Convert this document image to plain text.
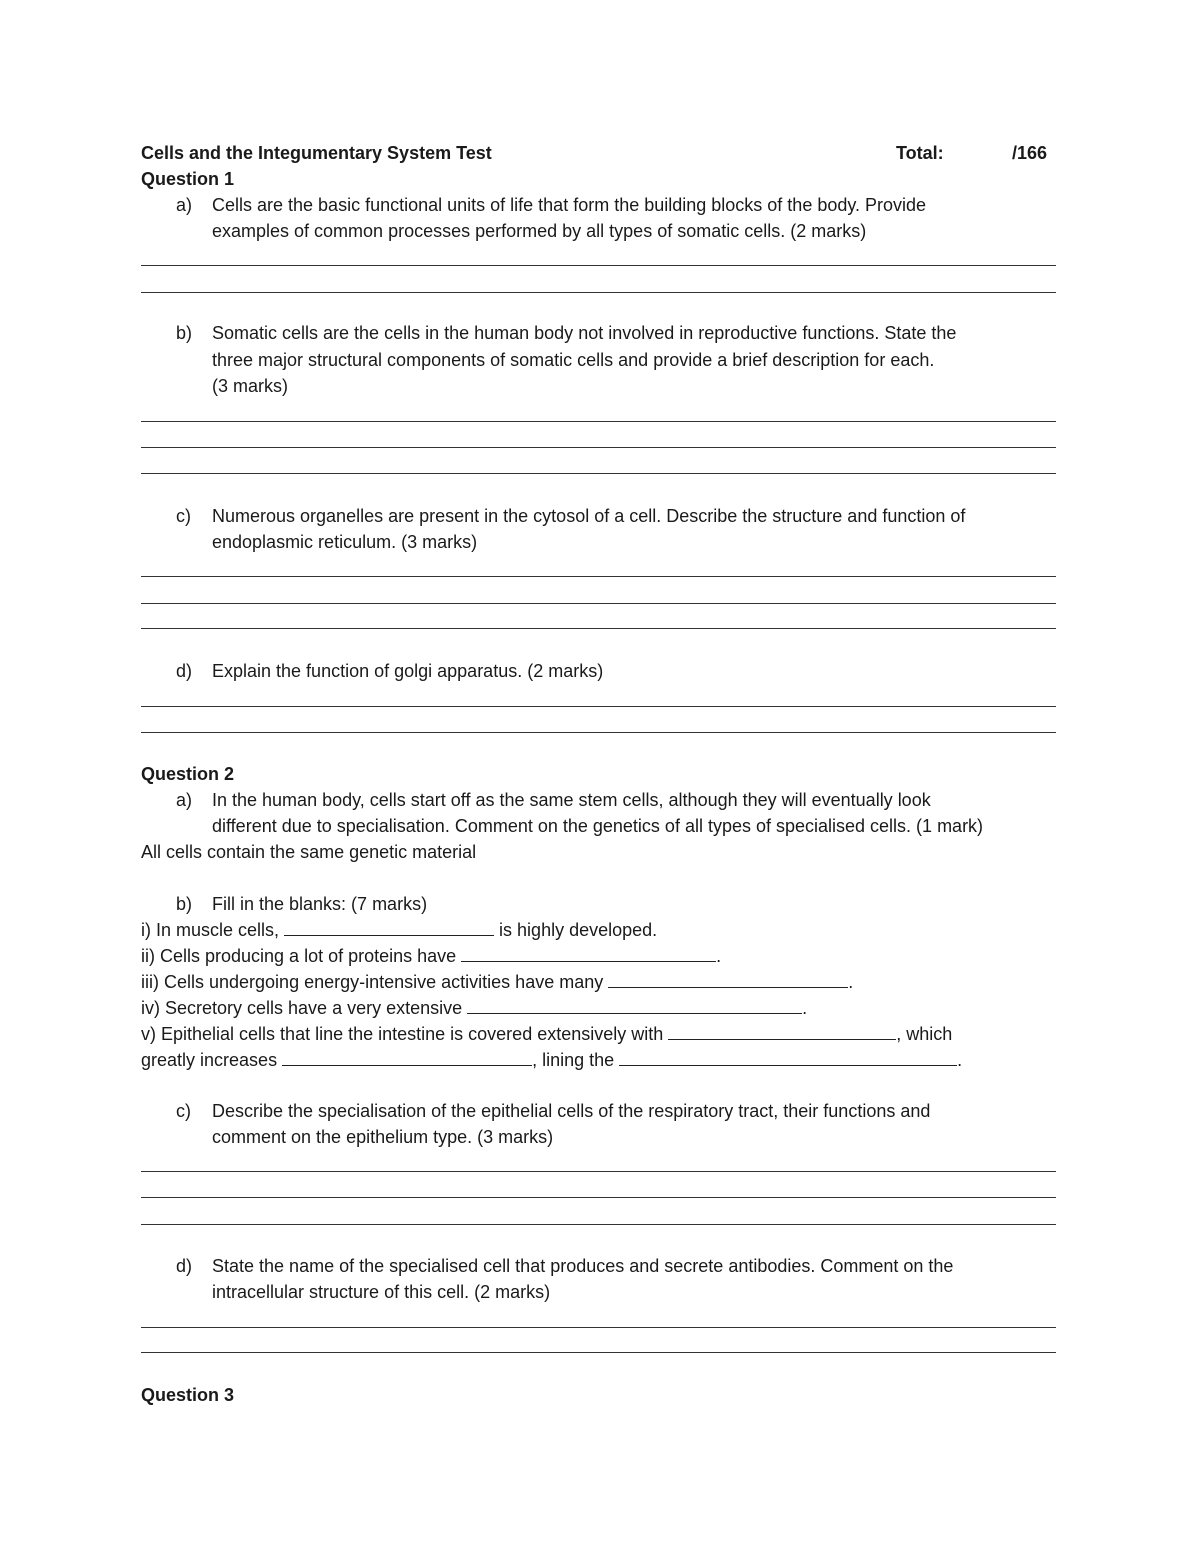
Cells and the Integumentary System Test	Total:	/166
Question 1
a) Cells are the basic functional units of life that form the building blocks of the body. Provide
examples of common processes performed by all types of somatic cells. (2 marks)
b) Somatic cells are the cells in the human body not involved in reproductive functions. State the
three major structural components of somatic cells and provide a brief description for each.
(3 marks)
c) Numerous organelles are present in the cytosol of a cell. Describe the structure and function of
endoplasmic reticulum. (3 marks)
d) Explain the function of golgi apparatus. (2 marks)
Question 2
a) In the human body, cells start off as the same stem cells, although they will eventually look
different due to specialisation. Comment on the genetics of all types of specialised cells. (1 mark)
All cells contain the same genetic material
b) Fill in the blanks: (7 marks)
i) In muscle cells,	is highly developed.
ii) Cells producing a lot of proteins have	.
iii) Cells undergoing energy-intensive activities have many	.
iv) Secretory cells have a very extensive	.
v) Epithelial cells that line the intestine is covered extensively with	, which
greatly increases	, lining the	.
c) Describe the specialisation of the epithelial cells of the respiratory tract, their functions and
comment on the epithelium type. (3 marks)
d) State the name of the specialised cell that produces and secrete antibodies. Comment on the
intracellular structure of this cell. (2 marks)
Question 3
